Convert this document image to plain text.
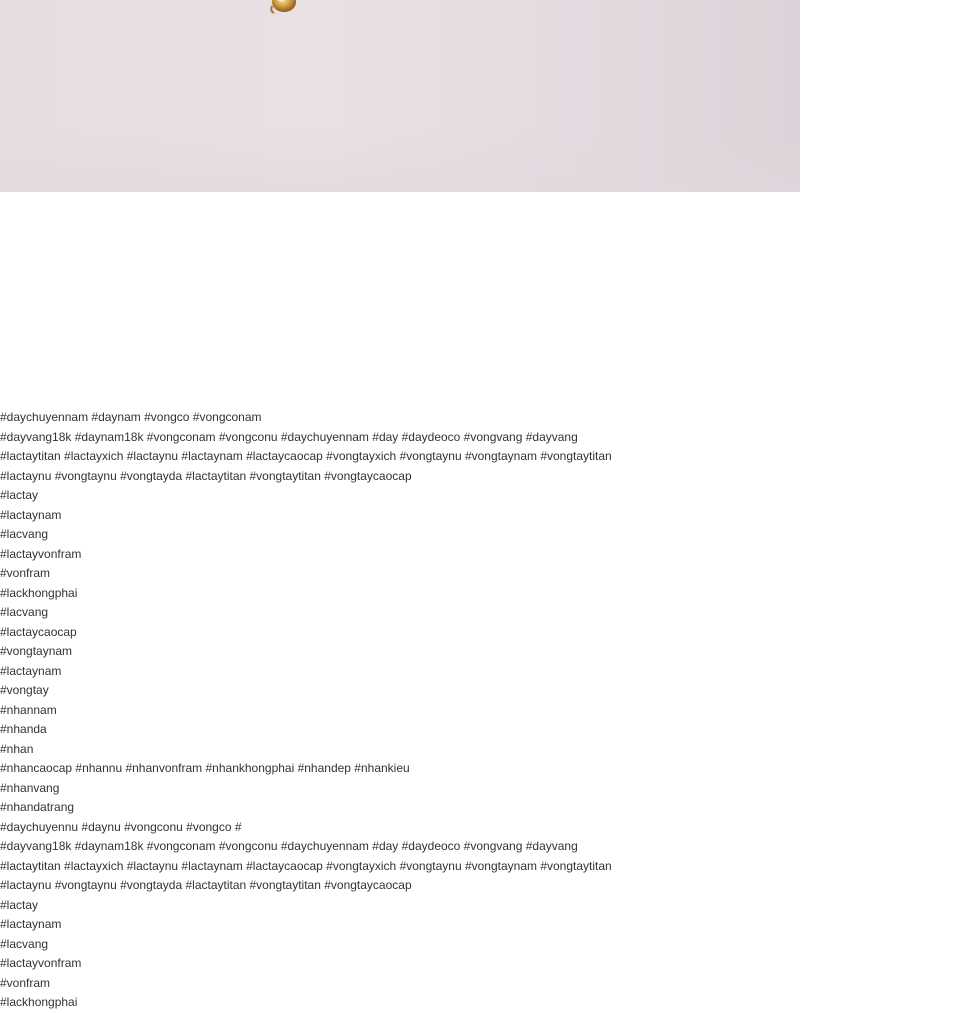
#daychuyennam #daynam #vongco #vongconam
#dayvang18k #daynam18k #vongconam #vongconu #daychuyennam #day #daydeoco #vongvang #dayvang
#lactaytitan #lactayxich #lactaynu #lactaynam #lactaycaocap #vongtayxich #vongtaynu #vongtaynam #vongtaytitan
#lactaynu #vongtaynu #vongtayda #lactaytitan #vongtaytitan #vongtaycaocap
#lactay
#lactaynam
#lacvang
#lactayvonfram
#vonfram
#lackhongphai
#lacvang
#lactaycaocap
#vongtaynam
#lactaynam
#vongtay
#nhannam
#nhanda
#nhan
#nhancaocap #nhannu #nhanvonfram #nhankhongphai #nhandep #nhankieu
#nhanvang
#nhandatrang
#daychuyennu #daynu #vongconu #vongco #
#dayvang18k #daynam18k #vongconam #vongconu #daychuyennam #day #daydeoco #vongvang #dayvang
#lactaytitan #lactayxich #lactaynu #lactaynam #lactaycaocap #vongtayxich #vongtaynu #vongtaynam #vongtaytitan
#lactaynu #vongtaynu #vongtayda #lactaytitan #vongtaytitan #vongtaycaocap
#lactay
#lactaynam
#lacvang
#lactayvonfram
#vonfram
#lackhongphai
